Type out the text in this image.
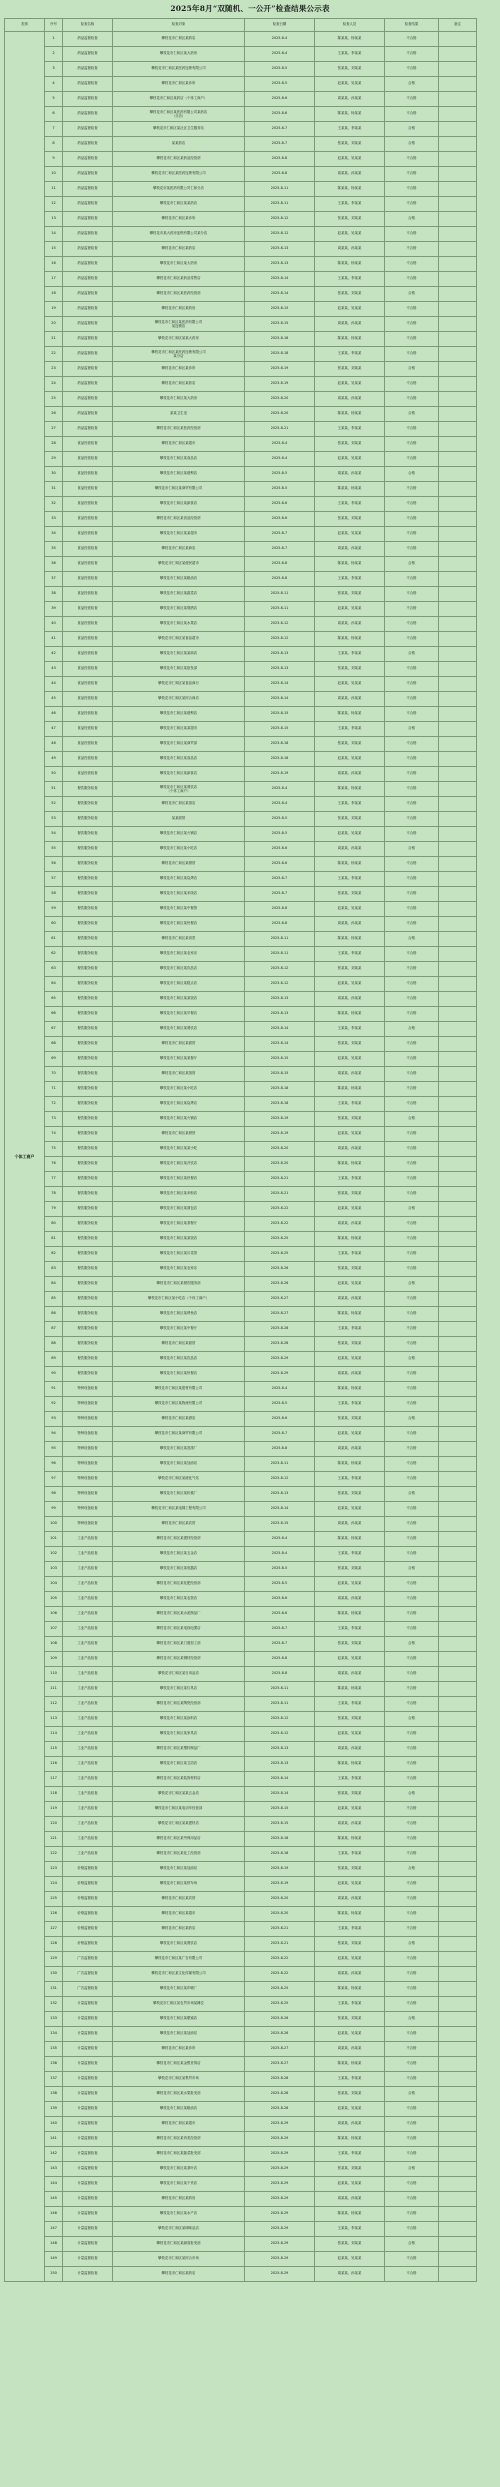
2025年8月“双随机、一公开”检查结果公示表
类别	序号	检查名称	检查对象	检查日期	检查人员	检查结果	备注
个体工商户	1	药品监督检查	攀枝花市仁和区某药店	2025-8-4	陈某某、杨某某	不合格	
	2	药品监督检查	攀枝花市仁和区某大药房	2025-8-4	王某某、李某某	不合格	
	3	药品监督检查	攀枝花市仁和区某医药连锁有限公司	2025-8-5	张某某、刘某某	不合格	
	4	药品监督检查	攀枝花市仁和区某诊所	2025-8-5	赵某某、吴某某	合格	
	5	药品监督检查	攀枝花市仁和区某药店（个体工商户）	2025-8-6	周某某、孙某某	不合格	
	6	药品监督检查	攀枝花市仁和区某医药有限公司某药店
（分店）	2025-8-6	陈某某、杨某某	不合格	
	7	药品监督检查	攀枝花市仁和区某社区卫生服务站	2025-8-7	王某某、李某某	合格	
	8	药品监督检查	某某药店	2025-8-7	张某某、刘某某	合格	
	9	药品监督检查	攀枝花市仁和区某药品经营部	2025-8-8	赵某某、吴某某	不合格	
	10	药品监督检查	攀枝花市仁和区某医药连锁有限公司	2025-8-8	周某某、孙某某	不合格	
	11	药品监督检查	攀枝花市某医药有限公司仁和分店	2025-8-11	陈某某、杨某某	不合格	
	12	药品监督检查	攀枝花市仁和区某某药店	2025-8-11	王某某、李某某	不合格	
	13	药品监督检查	攀枝花市仁和区某诊所	2025-8-12	张某某、刘某某	合格	
	14	药品监督检查	攀枝花市某大药房连锁有限公司某分店	2025-8-12	赵某某、吴某某	不合格	
	15	药品监督检查	攀枝花市仁和区某药店	2025-8-13	周某某、孙某某	不合格	
	16	药品监督检查	攀枝花市仁和区某大药房	2025-8-13	陈某某、杨某某	不合格	
	17	药品监督检查	攀枝花市仁和区某药品零售店	2025-8-14	王某某、李某某	不合格	
	18	药品监督检查	攀枝花市仁和区某医药经营部	2025-8-14	张某某、刘某某	合格	
	19	药品监督检查	攀枝花市仁和区某药房	2025-8-15	赵某某、吴某某	不合格	
	20	药品监督检查	攀枝花市仁和区某医药有限公司
某连锁店	2025-8-15	周某某、孙某某	不合格	
	21	药品监督检查	攀枝花市仁和区某某大药房	2025-8-18	陈某某、杨某某	不合格	
	22	药品监督检查	攀枝花市仁和区某医药连锁有限公司
某分店	2025-8-18	王某某、李某某	不合格	
	23	药品监督检查	攀枝花市仁和区某诊所	2025-8-19	张某某、刘某某	合格	
	24	药品监督检查	攀枝花市仁和区某药店	2025-8-19	赵某某、吴某某	不合格	
	25	药品监督检查	攀枝花市仁和区某大药房	2025-8-20	周某某、孙某某	不合格	
	26	药品监督检查	某某卫生室	2025-8-20	陈某某、杨某某	合格	
	27	药品监督检查	攀枝花市仁和区某医药经营部	2025-8-21	王某某、李某某	不合格	
	28	食品经营检查	攀枝花市仁和区某超市	2025-8-4	张某某、刘某某	不合格	
	29	食品经营检查	攀枝花市仁和区某食品店	2025-8-4	赵某某、吴某某	不合格	
	30	食品经营检查	攀枝花市仁和区某便利店	2025-8-5	周某某、孙某某	合格	
	31	食品经营检查	攀枝花市仁和区某商贸有限公司	2025-8-5	陈某某、杨某某	不合格	
	32	食品经营检查	攀枝花市仁和区某副食店	2025-8-6	王某某、李某某	不合格	
	33	食品经营检查	攀枝花市仁和区某食品经营部	2025-8-6	张某某、刘某某	不合格	
	34	食品经营检查	攀枝花市仁和区某某超市	2025-8-7	赵某某、吴某某	不合格	
	35	食品经营检查	攀枝花市仁和区某商店	2025-8-7	周某某、孙某某	不合格	
	36	食品经营检查	攀枝花市仁和区某便民超市	2025-8-8	陈某某、杨某某	合格	
	37	食品经营检查	攀枝花市仁和区某粮油店	2025-8-8	王某某、李某某	不合格	
	38	食品经营检查	攀枝花市仁和区某蔬菜店	2025-8-11	张某某、刘某某	不合格	
	39	食品经营检查	攀枝花市仁和区某烟酒店	2025-8-11	赵某某、吴某某	不合格	
	40	食品经营检查	攀枝花市仁和区某水果店	2025-8-12	周某某、孙某某	不合格	
	41	食品经营检查	攀枝花市仁和区某食品超市	2025-8-12	陈某某、杨某某	不合格	
	42	食品经营检查	攀枝花市仁和区某某商店	2025-8-13	王某某、李某某	合格	
	43	食品经营检查	攀枝花市仁和区某批发部	2025-8-13	张某某、刘某某	不合格	
	44	食品经营检查	攀枝花市仁和区某食品商行	2025-8-14	赵某某、吴某某	不合格	
	45	食品经营检查	攀枝花市仁和区某综合商店	2025-8-14	周某某、孙某某	不合格	
	46	食品经营检查	攀枝花市仁和区某便利店	2025-8-15	陈某某、杨某某	不合格	
	47	食品经营检查	攀枝花市仁和区某某超市	2025-8-15	王某某、李某某	合格	
	48	食品经营检查	攀枝花市仁和区某商贸部	2025-8-18	张某某、刘某某	不合格	
	49	食品经营检查	攀枝花市仁和区某食品店	2025-8-18	赵某某、吴某某	不合格	
	50	食品经营检查	攀枝花市仁和区某副食店	2025-8-19	周某某、孙某某	不合格	
	51	餐饮服务检查	攀枝花市仁和区某餐饮店
（个体工商户）	2025-8-4	陈某某、杨某某	不合格	
	52	餐饮服务检查	攀枝花市仁和区某饭店	2025-8-4	王某某、李某某	不合格	
	53	餐饮服务检查	某某面馆	2025-8-5	张某某、刘某某	不合格	
	54	餐饮服务检查	攀枝花市仁和区某火锅店	2025-8-5	赵某某、吴某某	不合格	
	55	餐饮服务检查	攀枝花市仁和区某小吃店	2025-8-6	周某某、孙某某	合格	
	56	餐饮服务检查	攀枝花市仁和区某餐馆	2025-8-6	陈某某、杨某某	不合格	
	57	餐饮服务检查	攀枝花市仁和区某烧烤店	2025-8-7	王某某、李某某	不合格	
	58	餐饮服务检查	攀枝花市仁和区某米线店	2025-8-7	张某某、刘某某	不合格	
	59	餐饮服务检查	攀枝花市仁和区某中餐馆	2025-8-8	赵某某、吴某某	不合格	
	60	餐饮服务检查	攀枝花市仁和区某快餐店	2025-8-8	周某某、孙某某	不合格	
	61	餐饮服务检查	攀枝花市仁和区某食堂	2025-8-11	陈某某、杨某某	合格	
	62	餐饮服务检查	攀枝花市仁和区某农家乐	2025-8-11	王某某、李某某	不合格	
	63	餐饮服务检查	攀枝花市仁和区某饮品店	2025-8-12	张某某、刘某某	不合格	
	64	餐饮服务检查	攀枝花市仁和区某糕点店	2025-8-12	赵某某、吴某某	不合格	
	65	餐饮服务检查	攀枝花市仁和区某某饭店	2025-8-13	周某某、孙某某	不合格	
	66	餐饮服务检查	攀枝花市仁和区某早餐店	2025-8-13	陈某某、杨某某	不合格	
	67	餐饮服务检查	攀枝花市仁和区某餐饮店	2025-8-14	王某某、李某某	合格	
	68	餐饮服务检查	攀枝花市仁和区某面馆	2025-8-14	张某某、刘某某	不合格	
	69	餐饮服务检查	攀枝花市仁和区某某餐厅	2025-8-15	赵某某、吴某某	不合格	
	70	餐饮服务检查	攀枝花市仁和区某饭馆	2025-8-15	周某某、孙某某	不合格	
	71	餐饮服务检查	攀枝花市仁和区某小吃店	2025-8-18	陈某某、杨某某	不合格	
	72	餐饮服务检查	攀枝花市仁和区某烧烤店	2025-8-18	王某某、李某某	不合格	
	73	餐饮服务检查	攀枝花市仁和区某火锅店	2025-8-19	张某某、刘某某	合格	
	74	餐饮服务检查	攀枝花市仁和区某餐馆	2025-8-19	赵某某、吴某某	不合格	
	75	餐饮服务检查	攀枝花市仁和区某某小吃	2025-8-20	周某某、孙某某	不合格	
	76	餐饮服务检查	攀枝花市仁和区某冷饮店	2025-8-20	陈某某、杨某某	不合格	
	77	餐饮服务检查	攀枝花市仁和区某快餐店	2025-8-21	王某某、李某某	不合格	
	78	餐饮服务检查	攀枝花市仁和区某米粉店	2025-8-21	张某某、刘某某	不合格	
	79	餐饮服务检查	攀枝花市仁和区某面包店	2025-8-22	赵某某、吴某某	合格	
	80	餐饮服务检查	攀枝花市仁和区某茶餐厅	2025-8-22	周某某、孙某某	不合格	
	81	餐饮服务检查	攀枝花市仁和区某某饭店	2025-8-25	陈某某、杨某某	不合格	
	82	餐饮服务检查	攀枝花市仁和区某川菜馆	2025-8-25	王某某、李某某	不合格	
	83	餐饮服务检查	攀枝花市仁和区某农家乐	2025-8-26	张某某、刘某某	不合格	
	84	餐饮服务检查	攀枝花市仁和区某餐饮服务部	2025-8-26	赵某某、吴某某	合格	
	85	餐饮服务检查	攀枝花市仁和区某小吃店（个体工商户）	2025-8-27	周某某、孙某某	不合格	
	86	餐饮服务检查	攀枝花市仁和区某烤鱼店	2025-8-27	陈某某、杨某某	不合格	
	87	餐饮服务检查	攀枝花市仁和区某中餐厅	2025-8-28	王某某、李某某	不合格	
	88	餐饮服务检查	攀枝花市仁和区某面馆	2025-8-28	张某某、刘某某	不合格	
	89	餐饮服务检查	攀枝花市仁和区某饮品店	2025-8-29	赵某某、吴某某	合格	
	90	餐饮服务检查	攀枝花市仁和区某快餐店	2025-8-29	周某某、孙某某	不合格	
	91	特种设备检查	攀枝花市仁和区某建材有限公司	2025-8-4	陈某某、杨某某	不合格	
	92	特种设备检查	攀枝花市仁和区某物流有限公司	2025-8-5	王某某、李某某	不合格	
	93	特种设备检查	攀枝花市仁和区某酒店	2025-8-6	张某某、刘某某	合格	
	94	特种设备检查	攀枝花市仁和区某商贸有限公司	2025-8-7	赵某某、吴某某	不合格	
	95	特种设备检查	攀枝花市仁和区某洗涤厂	2025-8-8	周某某、孙某某	不合格	
	96	特种设备检查	攀枝花市仁和区某加油站	2025-8-11	陈某某、杨某某	不合格	
	97	特种设备检查	攀枝花市仁和区某液化气站	2025-8-12	王某某、李某某	不合格	
	98	特种设备检查	攀枝花市仁和区某机械厂	2025-8-13	张某某、刘某某	合格	
	99	特种设备检查	攀枝花市仁和区某电梯工程有限公司	2025-8-14	赵某某、吴某某	不合格	
	100	特种设备检查	攀枝花市仁和区某宾馆	2025-8-15	周某某、孙某某	不合格	
	101	工业产品检查	攀枝花市仁和区某建材经营部	2025-8-4	陈某某、杨某某	不合格	
	102	工业产品检查	攀枝花市仁和区某五金店	2025-8-4	王某某、李某某	不合格	
	103	工业产品检查	攀枝花市仁和区某电器店	2025-8-5	张某某、刘某某	合格	
	104	工业产品检查	攀枝花市仁和区某化肥经营部	2025-8-5	赵某某、吴某某	不合格	
	105	工业产品检查	攀枝花市仁和区某农资店	2025-8-6	周某某、孙某某	不合格	
	106	工业产品检查	攀枝花市仁和区某水泥制品厂	2025-8-6	陈某某、杨某某	不合格	
	107	工业产品检查	攀枝花市仁和区某电线电缆店	2025-8-7	王某某、李某某	不合格	
	108	工业产品检查	攀枝花市仁和区某门窗加工部	2025-8-7	张某某、刘某某	合格	
	109	工业产品检查	攀枝花市仁和区某钢材经营部	2025-8-8	赵某某、吴某某	不合格	
	110	工业产品检查	攀枝花市仁和区某日用品店	2025-8-8	周某某、孙某某	不合格	
	111	工业产品检查	攀枝花市仁和区某灯具店	2025-8-11	陈某某、杨某某	不合格	
	112	工业产品检查	攀枝花市仁和区某陶瓷经营部	2025-8-11	王某某、李某某	不合格	
	113	工业产品检查	攀枝花市仁和区某涂料店	2025-8-12	张某某、刘某某	合格	
	114	工业产品检查	攀枝花市仁和区某家具店	2025-8-12	赵某某、吴某某	不合格	
	115	工业产品检查	攀枝花市仁和区某塑料制品厂	2025-8-13	周某某、孙某某	不合格	
	116	工业产品检查	攀枝花市仁和区某卫浴店	2025-8-13	陈某某、杨某某	不合格	
	117	工业产品检查	攀枝花市仁和区某装饰材料店	2025-8-14	王某某、李某某	不合格	
	118	工业产品检查	攀枝花市仁和区某某五金店	2025-8-14	张某某、刘某某	合格	
	119	工业产品检查	攀枝花市仁和区某电动车经营部	2025-8-15	赵某某、吴某某	不合格	
	120	工业产品检查	攀枝花市仁和区某某建材店	2025-8-15	周某某、孙某某	不合格	
	121	工业产品检查	攀枝花市仁和区某劳保用品店	2025-8-18	陈某某、杨某某	不合格	
	122	工业产品检查	攀枝花市仁和区某化工经营部	2025-8-18	王某某、李某某	不合格	
	123	价格监督检查	攀枝花市仁和区某加油站	2025-8-19	张某某、刘某某	合格	
	124	价格监督检查	攀枝花市仁和区某停车场	2025-8-19	赵某某、吴某某	不合格	
	125	价格监督检查	攀枝花市仁和区某宾馆	2025-8-20	周某某、孙某某	不合格	
	126	价格监督检查	攀枝花市仁和区某超市	2025-8-20	陈某某、杨某某	不合格	
	127	价格监督检查	攀枝花市仁和区某药店	2025-8-21	王某某、李某某	不合格	
	128	价格监督检查	攀枝花市仁和区某餐饮店	2025-8-21	张某某、刘某某	合格	
	129	广告监督检查	攀枝花市仁和区某广告有限公司	2025-8-22	赵某某、吴某某	不合格	
	130	广告监督检查	攀枝花市仁和区某文化传媒有限公司	2025-8-22	周某某、孙某某	不合格	
	131	广告监督检查	攀枝花市仁和区某印刷厂	2025-8-25	陈某某、杨某某	不合格	
	132	计量监督检查	攀枝花市仁和区某农贸市场某摊位	2025-8-25	王某某、李某某	不合格	
	133	计量监督检查	攀枝花市仁和区某眼镜店	2025-8-26	张某某、刘某某	合格	
	134	计量监督检查	攀枝花市仁和区某加油站	2025-8-26	赵某某、吴某某	不合格	
	135	计量监督检查	攀枝花市仁和区某诊所	2025-8-27	周某某、孙某某	不合格	
	136	计量监督检查	攀枝花市仁和区某金银首饰店	2025-8-27	陈某某、杨某某	不合格	
	137	计量监督检查	攀枝花市仁和区某集贸市场	2025-8-28	王某某、李某某	不合格	
	138	计量监督检查	攀枝花市仁和区某水果批发部	2025-8-28	张某某、刘某某	合格	
	139	计量监督检查	攀枝花市仁和区某粮油店	2025-8-28	赵某某、吴某某	不合格	
	140	计量监督检查	攀枝花市仁和区某超市	2025-8-29	周某某、孙某某	不合格	
	141	计量监督检查	攀枝花市仁和区某肉类经营部	2025-8-29	陈某某、杨某某	不合格	
	142	计量监督检查	攀枝花市仁和区某蔬菜批发部	2025-8-29	王某某、李某某	不合格	
	143	计量监督检查	攀枝花市仁和区某茶叶店	2025-8-29	张某某、刘某某	合格	
	144	计量监督检查	攀枝花市仁和区某干货店	2025-8-29	赵某某、吴某某	不合格	
	145	计量监督检查	攀枝花市仁和区某药房	2025-8-29	周某某、孙某某	不合格	
	146	计量监督检查	攀枝花市仁和区某水产店	2025-8-29	陈某某、杨某某	不合格	
	147	计量监督检查	攀枝花市仁和区某调味品店	2025-8-29	王某某、李某某	不合格	
	148	计量监督检查	攀枝花市仁和区某副食批发部	2025-8-29	张某某、刘某某	合格	
	149	计量监督检查	攀枝花市仁和区某综合市场	2025-8-29	赵某某、吴某某	不合格	
	150	计量监督检查	攀枝花市仁和区某药店	2025-8-29	周某某、孙某某	不合格	
